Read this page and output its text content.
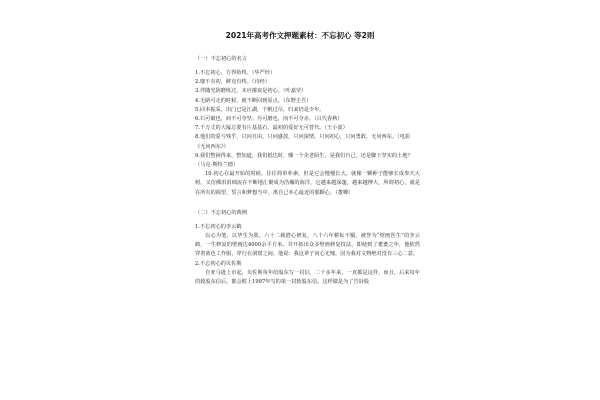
2021年高考作文押题素材：不忘初心 等2则
（一）不忘初心的名言
1.不忘初心，方得始终。（华严经）
2.靡不有初，鲜克有终。（诗经）
3.伴随光阴磨练过，未应摧衰是初心。（叶嘉莹）
4.无路可走的时候，就不断回到原点。（东野圭吾）
5.回本振采，出门已是江湖，千帆过尽，归来仍是少年。
6.石可破也，而不可夺坚；丹可磨也，而不可夺赤。（吕氏春秋）
7.千万丈的大厦总要有片基基石，最初的爱好无可替代。（王小波）
8.他们的爱与残乎，只问自由，只问盛放，只问深情，只问初心，只问勇敢，无问西东。（电影《无问西东》）
9.我们整困得来，整知道，我们抵达时，哪一个企老陌生，是我们自己，还是脚下坚实的土地？（马克·斯特兰德）
10.初心在最开始的时候，往往简单朴素，但是它会慢慢长大，就像一颗种子能够长成参天大树。又仿佛涓涓细流在不断地汇聚成为浩瀚的海洋，它越来越深邃，越来越博大，所谓初心，就是在所有的渴望、誓言和梦想当中，离自己本心最近的那颗心。（董卿）
（二）不忘初心的典例
1.不忘初心的李云鹤
以心为笔，以毕生为墨。六十二载潜心修复，八十六年耕耘不辍，被誉为“壁画医生”的李云鹤，一生修复的壁画达4000余平方米。并开拓出众多壁画修复技法，即使到了耄耋之年，他依然穿着蓝色工作服，穿行在洞窟之间。他说：我这辈子问心无愧，因为我对文物绝对没有三心二意。
2.不忘初心的贝佐斯
自亚马逊上市起，贝佐斯每年给股东写一封信，二十多年来，一直都是这样。而且，后来每年的致股东信后，都会附上1997年写的第一封致股东信。这样做是为了告诉股
